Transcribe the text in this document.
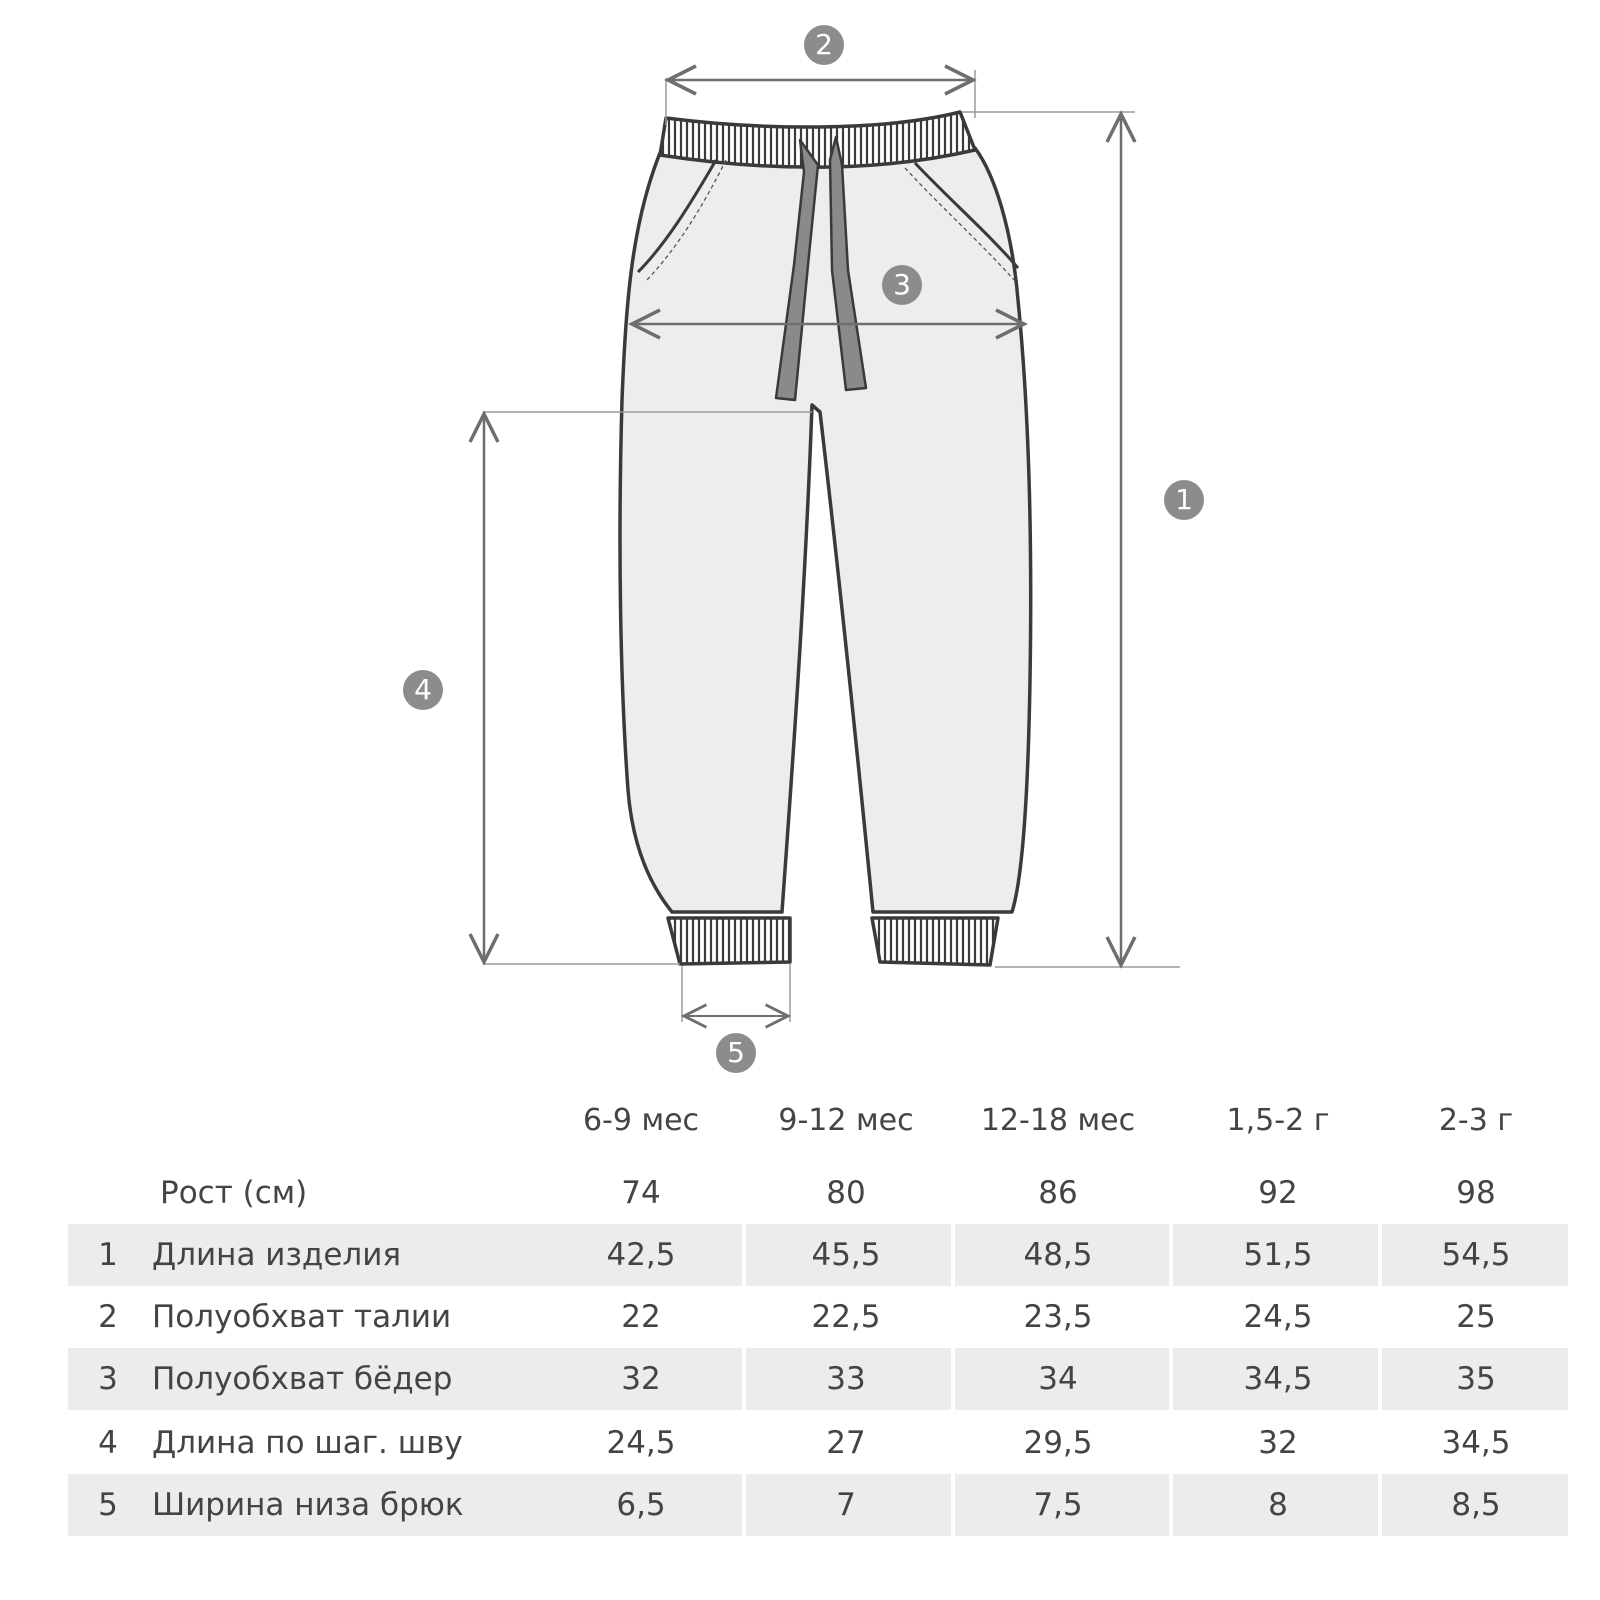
1
2
3
4
5
6-9 мес	9-12 мес	12-18 мес	1,5-2 г	2-3 г
Рост (см)	74	80	86	92	98
1	Длина изделия	42,5	45,5	48,5	51,5	54,5
2	Полуобхват талии	22	22,5	23,5	24,5	25
3	Полуобхват бёдер	32	33	34	34,5	35
4	Длина по шаг. шву	24,5	27	29,5	32	34,5
5	Ширина низа брюк	6,5	7	7,5	8	8,5
